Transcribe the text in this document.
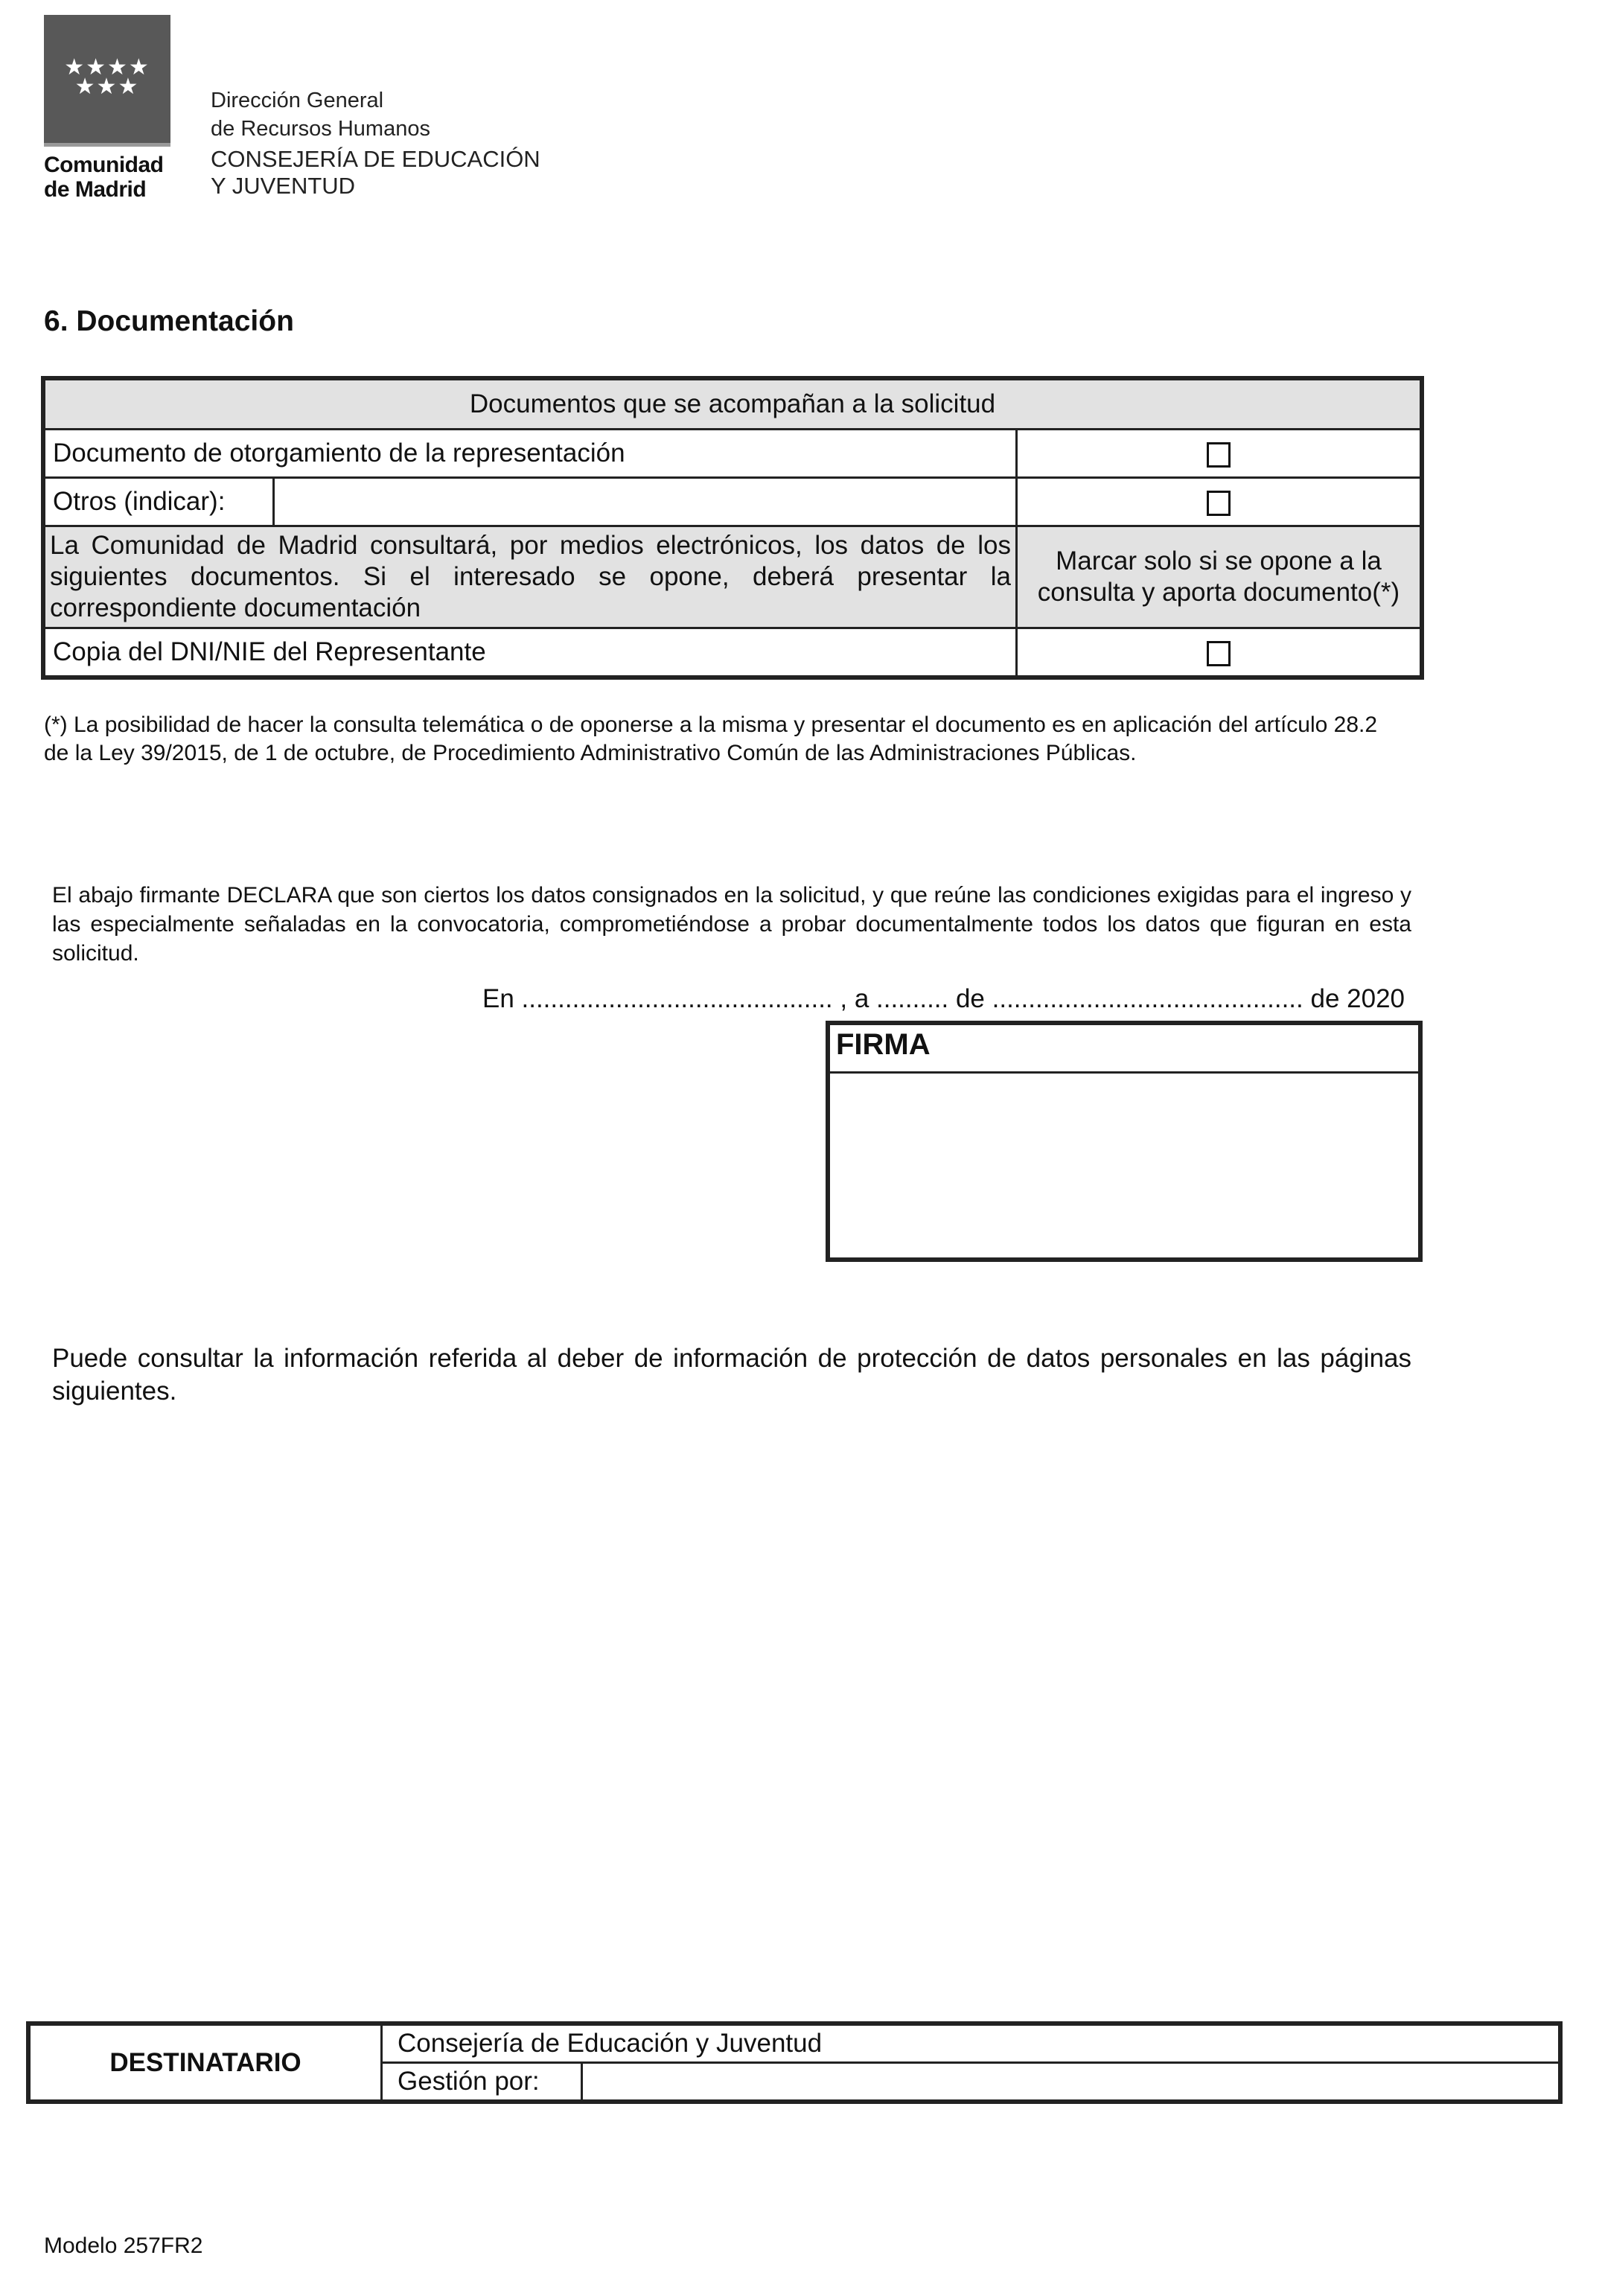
★★★★ ★★★
Comunidad
de Madrid
Dirección General
de Recursos Humanos
CONSEJERÍA DE EDUCACIÓN
Y JUVENTUD
6. Documentación
Documentos que se acompañan a la solicitud		
Documento de otorgamiento de la representación		
Otros (indicar):		
La Comunidad de Madrid consultará, por medios electrónicos, los datos de los siguientes documentos. Si el interesado se opone, deberá presentar la correspondiente documentación		Marcar solo si se opone a la consulta y aporta documento(*)
Copia del DNI/NIE del Representante		
(*) La posibilidad de hacer la consulta telemática o de oponerse a la misma y presentar el documento es en aplicación del artículo 28.2 de la Ley 39/2015, de 1 de octubre, de Procedimiento Administrativo Común de las Administraciones Públicas.
El abajo firmante DECLARA que son ciertos los datos consignados en la solicitud, y que reúne las condiciones exigidas para el ingreso y las especialmente señaladas en la convocatoria, comprometiéndose a probar documentalmente todos los datos que figuran en esta solicitud.
En ........................................... , a .......... de ........................................... de 2020
FIRMA
Puede consultar la información referida al deber de información de protección de datos personales en las páginas siguientes.
DESTINATARIO	Consejería de Educación y Juventud	
	Gestión por:	
Modelo 257FR2
